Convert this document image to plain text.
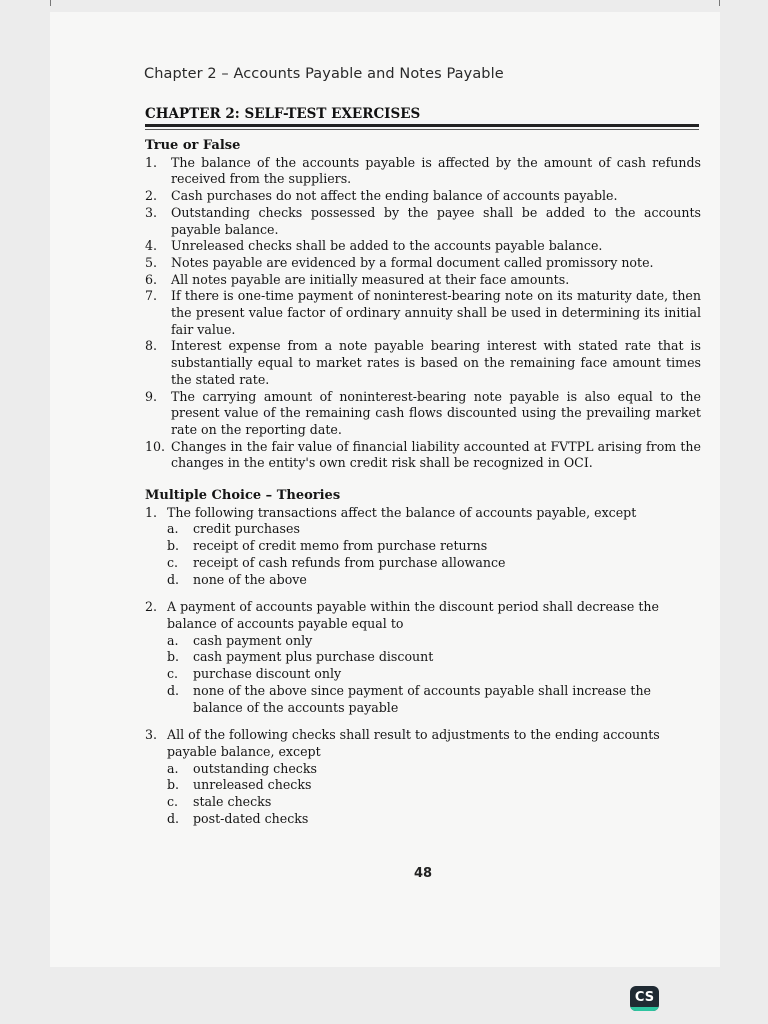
Chapter 2 – Accounts Payable and Notes Payable
CHAPTER 2: SELF-TEST EXERCISES
True or False
1.	The balance of the accounts payable is affected by the amount of cash refunds received from the suppliers.
2.	Cash purchases do not affect the ending balance of accounts payable.
3.	Outstanding checks possessed by the payee shall be added to the accounts payable balance.
4.	Unreleased checks shall be added to the accounts payable balance.
5.	Notes payable are evidenced by a formal document called promissory note.
6.	All notes payable are initially measured at their face amounts.
7.	If there is one-time payment of noninterest-bearing note on its maturity date, then the present value factor of ordinary annuity shall be used in determining its initial fair value.
8.	Interest expense from a note payable bearing interest with stated rate that is substantially equal to market rates is based on the remaining face amount times the stated rate.
9.	The carrying amount of noninterest-bearing note payable is also equal to the present value of the remaining cash flows discounted using the prevailing market rate on the reporting date.
10. Changes in the fair value of financial liability accounted at FVTPL arising from the changes in the entity's own credit risk shall be recognized in OCI.
Multiple Choice – Theories
1. The following transactions affect the balance of accounts payable, except
a.	credit purchases
b.	receipt of credit memo from purchase returns
c.	receipt of cash refunds from purchase allowance
d.	none of the above
2. A payment of accounts payable within the discount period shall decrease the balance of accounts payable equal to
a.	cash payment only
b.	cash payment plus purchase discount
c.	purchase discount only
d.	none of the above since payment of accounts payable shall increase the balance of the accounts payable
3. All of the following checks shall result to adjustments to the ending accounts payable balance, except
a.	outstanding checks
b.	unreleased checks
c.	stale checks
d.	post-dated checks
48
CS
